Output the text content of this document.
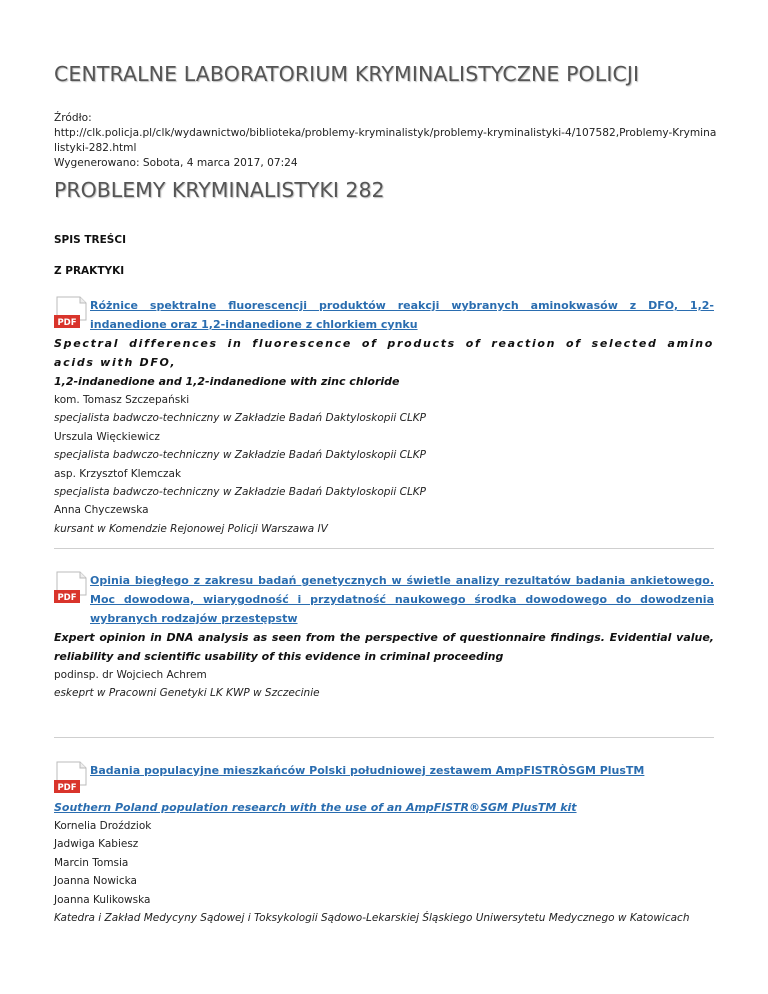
CENTRALNE LABORATORIUM KRYMINALISTYCZNE POLICJI
Źródło:
http://clk.policja.pl/clk/wydawnictwo/biblioteka/problemy-kryminalistyk/problemy-kryminalistyki-4/107582,Problemy-Kryminalistyki-282.html
Wygenerowano: Sobota, 4 marca 2017, 07:24
PROBLEMY KRYMINALISTYKI 282
SPIS TREŚCI
Z PRAKTYKI
PDF
Różnice spektralne fluorescencji produktów reakcji wybranych aminokwasów z DFO, 1,2-indanedione oraz 1,2-indanedione z chlorkiem cynku
Spectral differences in fluorescence of products of reaction of selected amino acids with DFO,
1,2-indanedione and 1,2-indanedione with zinc chloride
kom. Tomasz Szczepański
specjalista badwczo-techniczny w Zakładzie Badań Daktyloskopii CLKP
Urszula Więckiewicz
specjalista badwczo-techniczny w Zakładzie Badań Daktyloskopii CLKP
asp. Krzysztof Klemczak
specjalista badwczo-techniczny w Zakładzie Badań Daktyloskopii CLKP
Anna Chyczewska
kursant w Komendzie Rejonowej Policji Warszawa IV
PDF
Opinia biegłego z zakresu badań genetycznych w świetle analizy rezultatów badania ankietowego. Moc dowodowa, wiarygodność i przydatność naukowego środka dowodowego do dowodzenia wybranych rodzajów przestępstw
Expert opinion in DNA analysis as seen from the perspective of questionnaire findings. Evidential value, reliability and scientific usability of this evidence in criminal proceeding
podinsp. dr Wojciech Achrem
eskeprt w Pracowni Genetyki LK KWP w Szczecinie
PDF
Badania populacyjne mieszkańców Polski południowej zestawem AmpFlSTRÒSGM PlusTM
Southern Poland population research with the use of an AmpFlSTR®SGM PlusTM kit
Kornelia Droździok
Jadwiga Kabiesz
Marcin Tomsia
Joanna Nowicka
Joanna Kulikowska
Katedra i Zakład Medycyny Sądowej i Toksykologii Sądowo-Lekarskiej Śląskiego Uniwersytetu Medycznego w Katowicach
